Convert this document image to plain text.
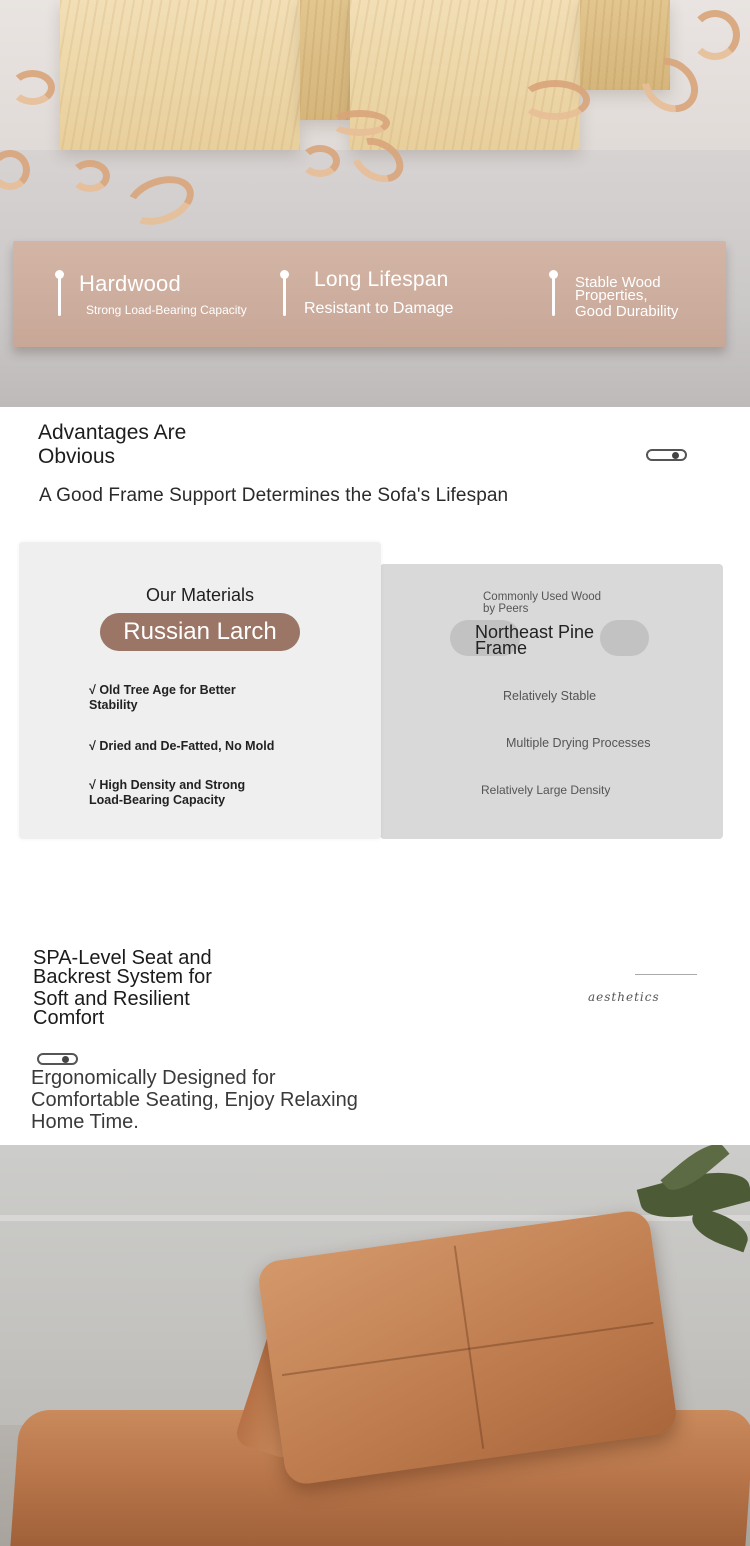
Hardwood
Strong Load-Bearing Capacity
Long Lifespan
Resistant to Damage
Stable Wood
Properties,
Good Durability
Advantages Are
Obvious
A Good Frame Support Determines the Sofa's Lifespan
Our Materials
Russian Larch
√ Old Tree Age for Better
Stability
√ Dried and De-Fatted, No Mold
√ High Density and Strong
Load-Bearing Capacity
Commonly Used Wood
by Peers
Northeast Pine
Frame
Relatively Stable
Multiple Drying Processes
Relatively Large Density
SPA-Level Seat and
Backrest System for
Soft and Resilient
Comfort
aesthetics
Ergonomically Designed for
Comfortable Seating, Enjoy Relaxing
Home Time.
